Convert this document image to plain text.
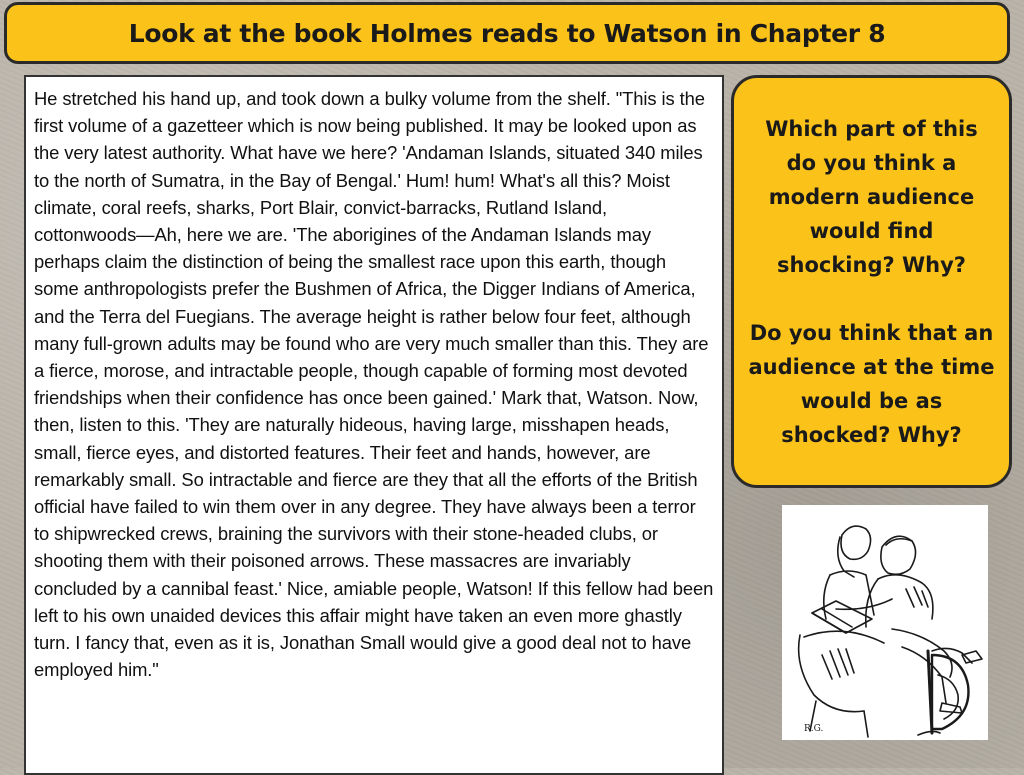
Look at the book Holmes reads to Watson in Chapter 8

He stretched his hand up, and took down a bulky volume from the shelf. "This is the first volume of a gazetteer which is now being published. It may be looked upon as the very latest authority. What have we here? 'Andaman Islands, situated 340 miles to the north of Sumatra, in the Bay of Bengal.' Hum! hum! What's all this? Moist climate, coral reefs, sharks, Port Blair, convict-barracks, Rutland Island, cottonwoods—Ah, here we are. 'The aborigines of the Andaman Islands may perhaps claim the distinction of being the smallest race upon this earth, though some anthropologists prefer the Bushmen of Africa, the Digger Indians of America, and the Terra del Fuegians. The average height is rather below four feet, although many full-grown adults may be found who are very much smaller than this. They are a fierce, morose, and intractable people, though capable of forming most devoted friendships when their confidence has once been gained.' Mark that, Watson. Now, then, listen to this. 'They are naturally hideous, having large, misshapen heads, small, fierce eyes, and distorted features. Their feet and hands, however, are remarkably small. So intractable and fierce are they that all the efforts of the British official have failed to win them over in any degree. They have always been a terror to shipwrecked crews, braining the survivors with their stone-headed clubs, or shooting them with their poisoned arrows. These massacres are invariably concluded by a cannibal feast.' Nice, amiable people, Watson! If this fellow had been left to his own unaided devices this affair might have taken an even more ghastly turn. I fancy that, even as it is, Jonathan Small would give a good deal not to have employed him."

Which part of this do you think a modern audience would find shocking? Why?

Do you think that an audience at the time would be as shocked? Why?

R.G.
